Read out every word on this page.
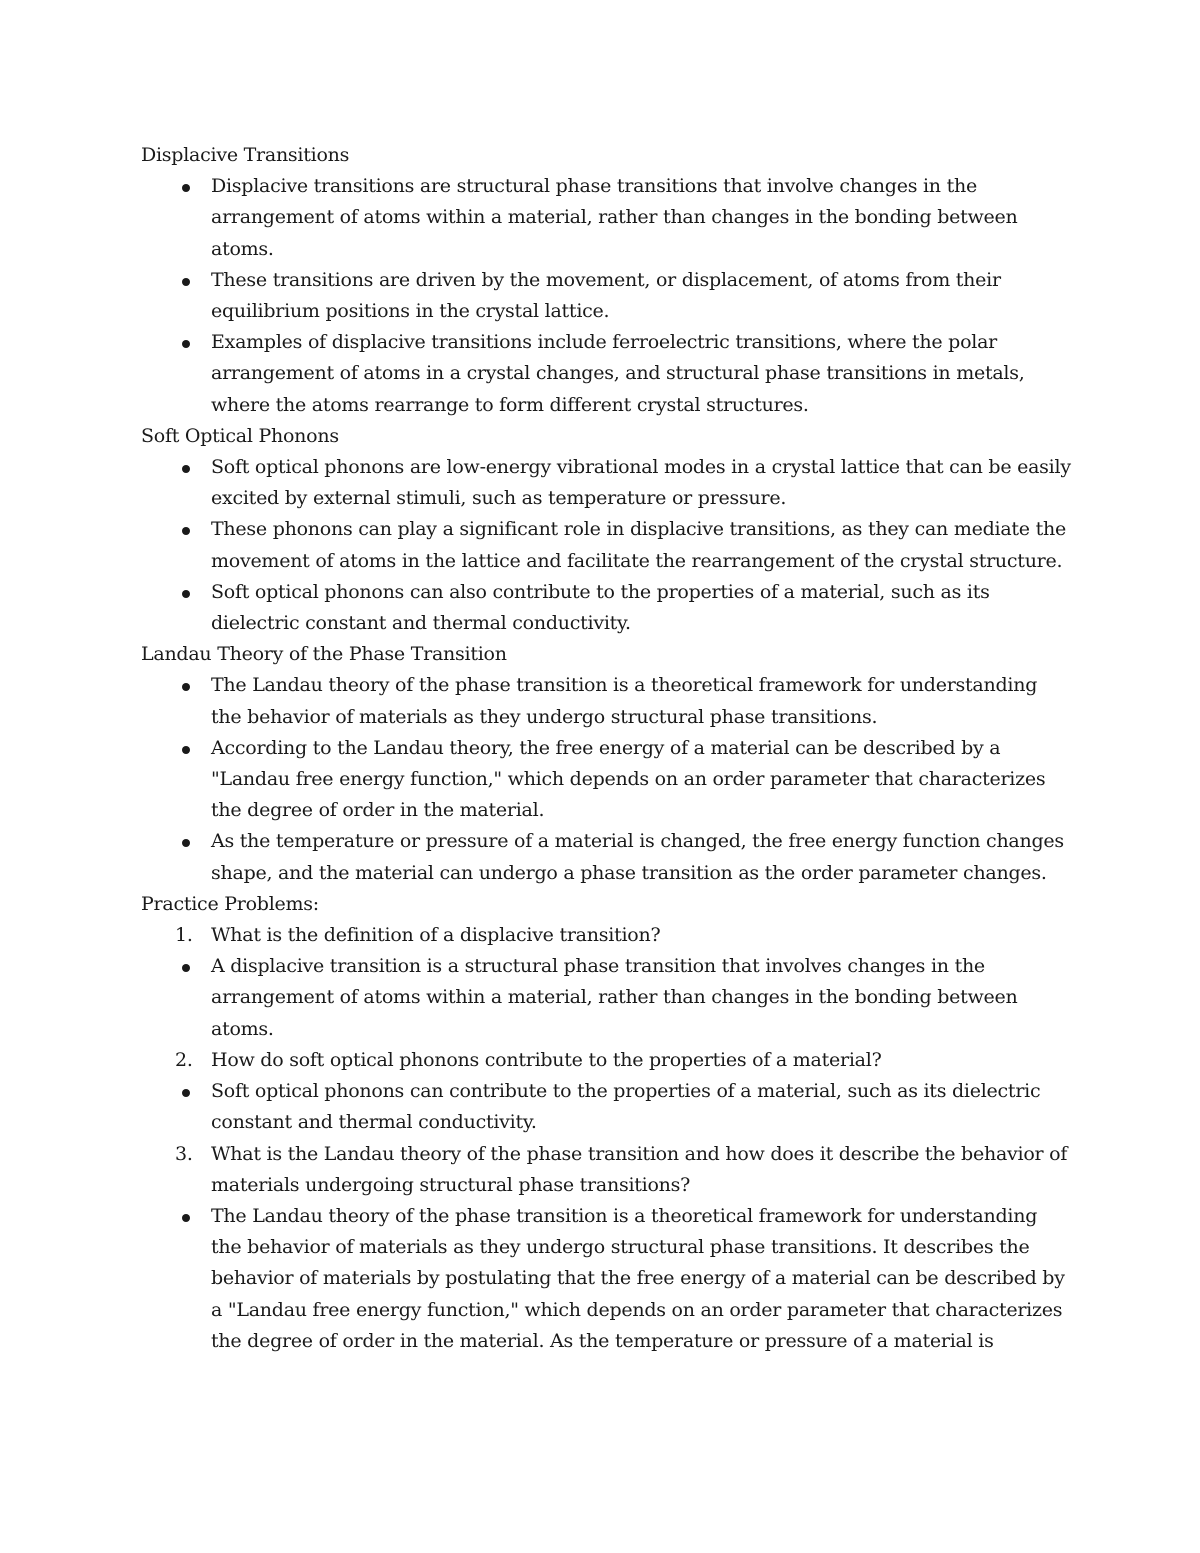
Displacive Transitions

Displacive transitions are structural phase transitions that involve changes in the arrangement of atoms within a material, rather than changes in the bonding between atoms.
These transitions are driven by the movement, or displacement, of atoms from their equilibrium positions in the crystal lattice.
Examples of displacive transitions include ferroelectric transitions, where the polar arrangement of atoms in a crystal changes, and structural phase transitions in metals, where the atoms rearrange to form different crystal structures.

Soft Optical Phonons

Soft optical phonons are low-energy vibrational modes in a crystal lattice that can be easily excited by external stimuli, such as temperature or pressure.
These phonons can play a significant role in displacive transitions, as they can mediate the movement of atoms in the lattice and facilitate the rearrangement of the crystal structure.
Soft optical phonons can also contribute to the properties of a material, such as its dielectric constant and thermal conductivity.

Landau Theory of the Phase Transition

The Landau theory of the phase transition is a theoretical framework for understanding the behavior of materials as they undergo structural phase transitions.
According to the Landau theory, the free energy of a material can be described by a "Landau free energy function," which depends on an order parameter that characterizes the degree of order in the material.
As the temperature or pressure of a material is changed, the free energy function changes shape, and the material can undergo a phase transition as the order parameter changes.

Practice Problems:

1. What is the definition of a displacive transition?
A displacive transition is a structural phase transition that involves changes in the arrangement of atoms within a material, rather than changes in the bonding between atoms.
2. How do soft optical phonons contribute to the properties of a material?
Soft optical phonons can contribute to the properties of a material, such as its dielectric constant and thermal conductivity.
3. What is the Landau theory of the phase transition and how does it describe the behavior of materials undergoing structural phase transitions?
The Landau theory of the phase transition is a theoretical framework for understanding the behavior of materials as they undergo structural phase transitions. It describes the behavior of materials by postulating that the free energy of a material can be described by a "Landau free energy function," which depends on an order parameter that characterizes the degree of order in the material. As the temperature or pressure of a material is
